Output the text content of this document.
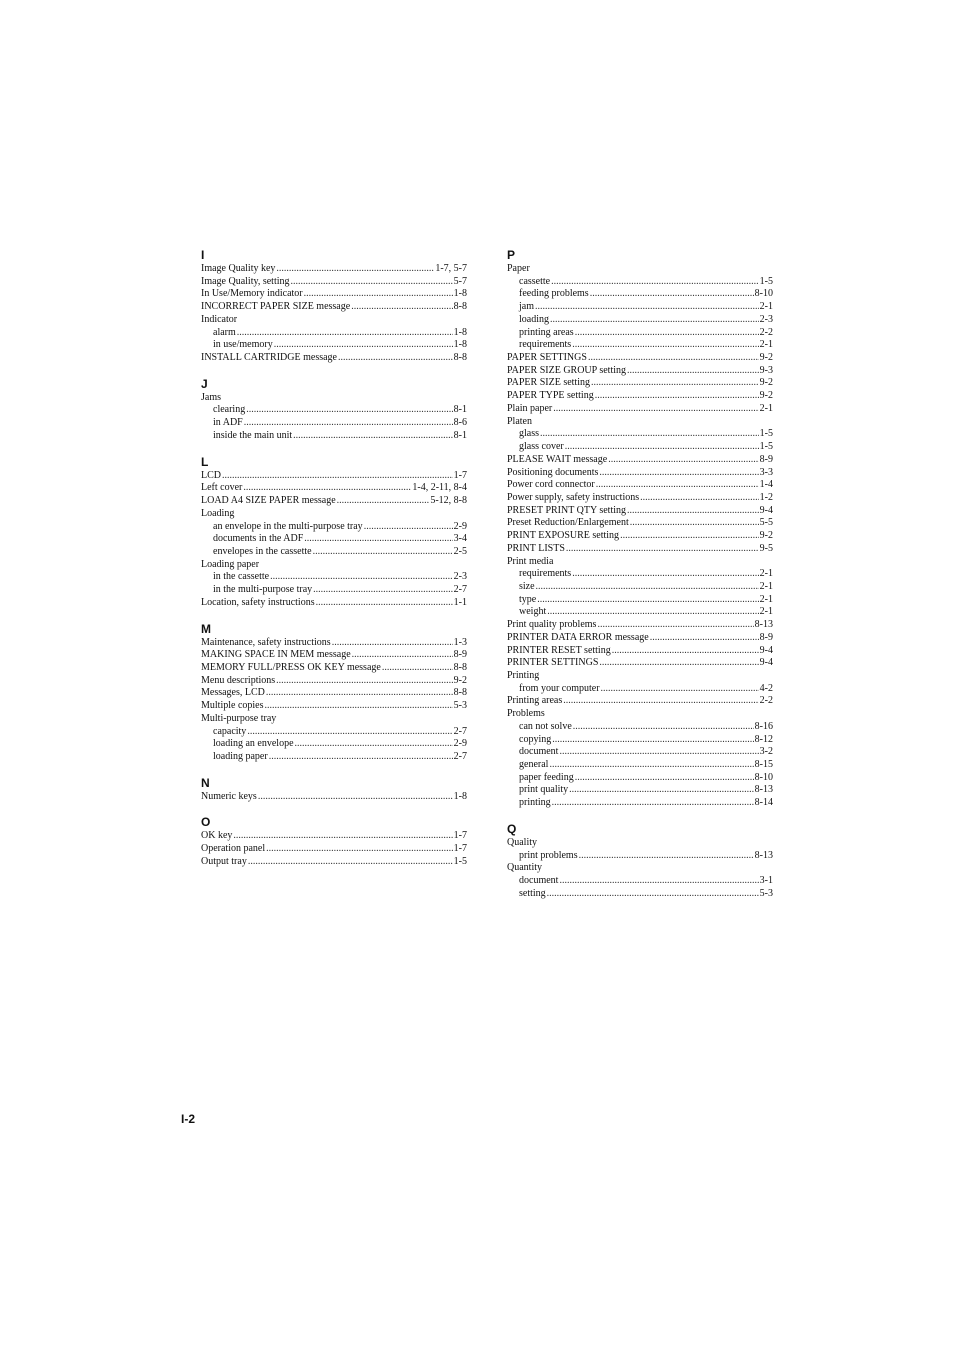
I
Image Quality key .....	1-7, 5-7
Image Quality, setting .....	5-7
In Use/Memory indicator .....	1-8
INCORRECT PAPER SIZE message .....	8-8
Indicator
alarm .....	1-8
in use/memory .....	1-8
INSTALL CARTRIDGE message .....	8-8
J
Jams
clearing .....	8-1
in ADF .....	8-6
inside the main unit .....	8-1
L
LCD .....	1-7
Left cover .....	1-4, 2-11, 8-4
LOAD A4 SIZE PAPER message .....	5-12, 8-8
Loading
an envelope in the multi-purpose tray .....	2-9
documents in the ADF .....	3-4
envelopes in the cassette .....	2-5
Loading paper
in the cassette .....	2-3
in the multi-purpose tray .....	2-7
Location, safety instructions .....	1-1
M
Maintenance, safety instructions .....	1-3
MAKING SPACE IN MEM message .....	8-9
MEMORY FULL/PRESS OK KEY message .....	8-8
Menu descriptions .....	9-2
Messages, LCD .....	8-8
Multiple copies .....	5-3
Multi-purpose tray
capacity .....	2-7
loading an envelope .....	2-9
loading paper .....	2-7
N
Numeric keys .....	1-8
O
OK key .....	1-7
Operation panel .....	1-7
Output tray .....	1-5
P
Paper
cassette .....	1-5
feeding problems .....	8-10
jam .....	2-1
loading .....	2-3
printing areas .....	2-2
requirements .....	2-1
PAPER SETTINGS .....	9-2
PAPER SIZE GROUP setting .....	9-3
PAPER SIZE setting .....	9-2
PAPER TYPE setting .....	9-2
Plain paper .....	2-1
Platen
glass .....	1-5
glass cover .....	1-5
PLEASE WAIT message .....	8-9
Positioning documents .....	3-3
Power cord connector .....	1-4
Power supply, safety instructions .....	1-2
PRESET PRINT QTY setting .....	9-4
Preset Reduction/Enlargement .....	5-5
PRINT EXPOSURE setting .....	9-2
PRINT LISTS .....	9-5
Print media
requirements .....	2-1
size .....	2-1
type .....	2-1
weight .....	2-1
Print quality problems .....	8-13
PRINTER DATA ERROR message .....	8-9
PRINTER RESET setting .....	9-4
PRINTER SETTINGS .....	9-4
Printing
from your computer .....	4-2
Printing areas .....	2-2
Problems
can not solve .....	8-16
copying .....	8-12
document .....	3-2
general .....	8-15
paper feeding .....	8-10
print quality .....	8-13
printing .....	8-14
Q
Quality
print problems .....	8-13
Quantity
document .....	3-1
setting .....	5-3
I-2
